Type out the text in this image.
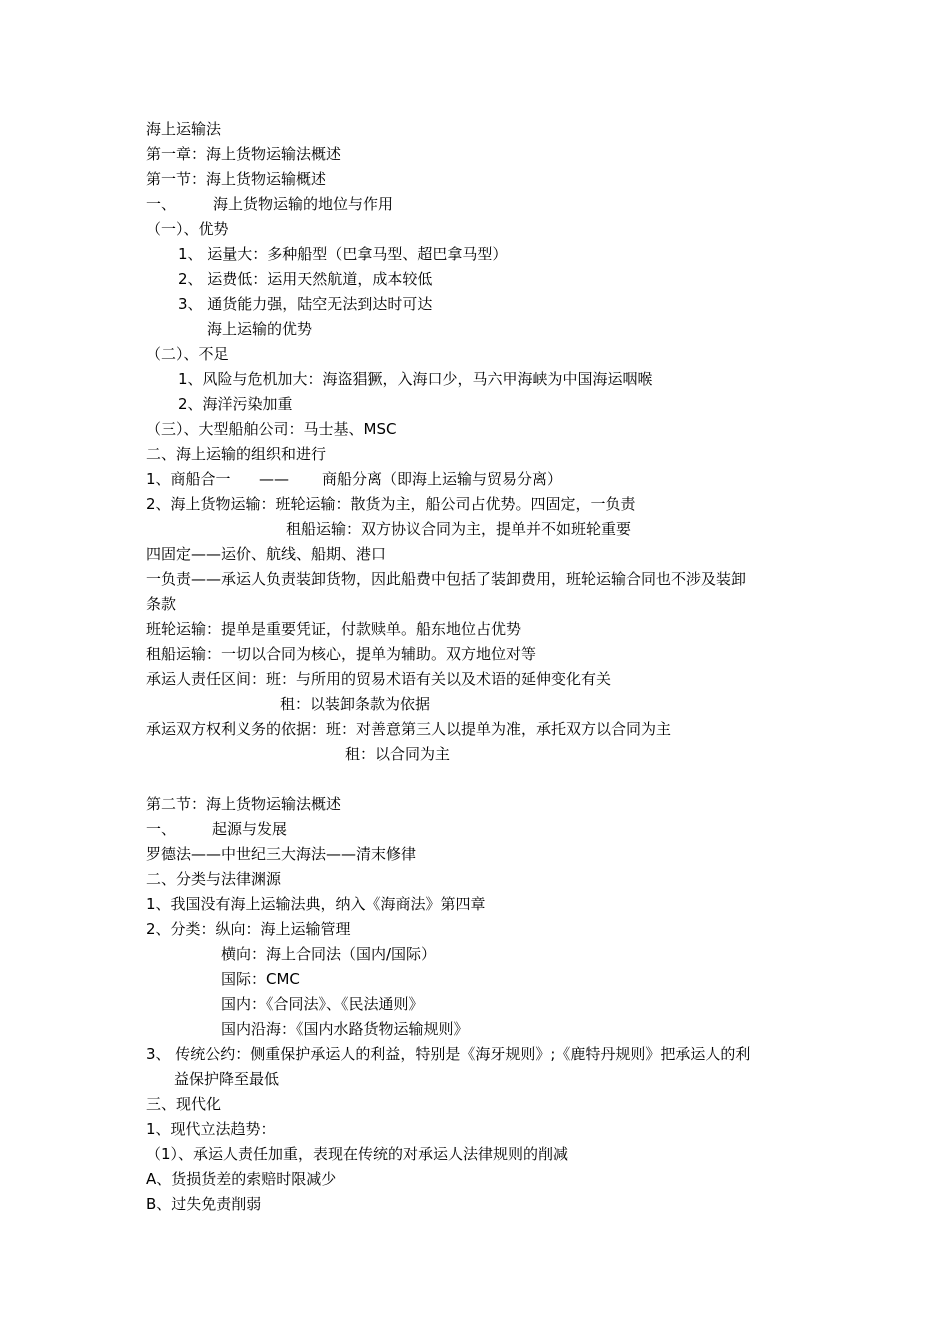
海上运输法
第一章：海上货物运输法概述
第一节：海上货物运输概述
一、 海上货物运输的地位与作用
（一）、优势
1、 运量大：多种船型（巴拿马型、超巴拿马型）
2、 运费低：运用天然航道，成本较低
3、 通货能力强，陆空无法到达时可达
海上运输的优势
（二）、不足
1、风险与危机加大：海盗猖獗，入海口少，马六甲海峡为中国海运咽喉
2、海洋污染加重
（三）、大型船舶公司：马士基、MSC
二、海上运输的组织和进行
1、商船合一 —— 商船分离（即海上运输与贸易分离）
2、海上货物运输：班轮运输：散货为主，船公司占优势。四固定，一负责
租船运输：双方协议合同为主，提单并不如班轮重要
四固定——运价、航线、船期、港口
一负责——承运人负责装卸货物，因此船费中包括了装卸费用，班轮运输合同也不涉及装卸
条款
班轮运输：提单是重要凭证，付款赎单。船东地位占优势
租船运输：一切以合同为核心，提单为辅助。双方地位对等
承运人责任区间：班：与所用的贸易术语有关以及术语的延伸变化有关
租：以装卸条款为依据
承运双方权利义务的依据：班：对善意第三人以提单为准，承托双方以合同为主
租：以合同为主
第二节：海上货物运输法概述
一、 起源与发展
罗德法——中世纪三大海法——清末修律
二、分类与法律渊源
1、我国没有海上运输法典，纳入《海商法》第四章
2、分类：纵向：海上运输管理
横向：海上合同法（国内/国际）
国际：CMC
国内：《合同法》、《民法通则》
国内沿海：《国内水路货物运输规则》
3、 传统公约：侧重保护承运人的利益，特别是《海牙规则》;《鹿特丹规则》把承运人的利
益保护降至最低
三、现代化
1、现代立法趋势：
（1）、承运人责任加重，表现在传统的对承运人法律规则的削减
A、货损货差的索赔时限减少
B、过失免责削弱
